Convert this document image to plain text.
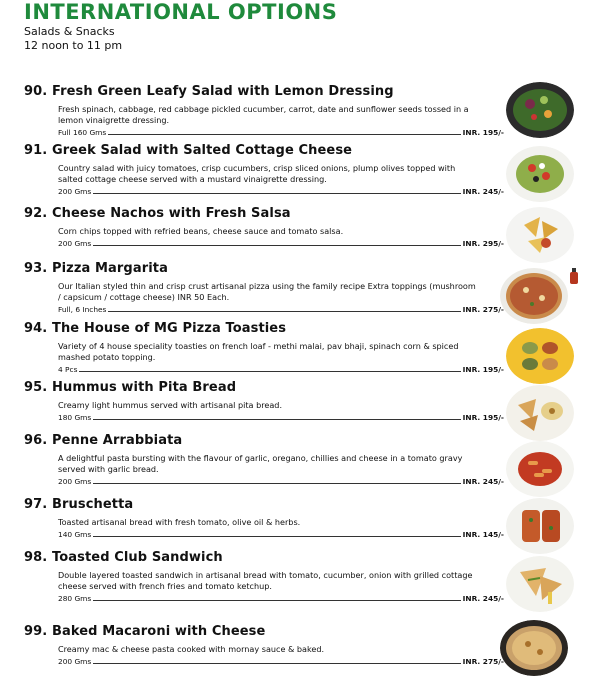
INTERNATIONAL OPTIONS
Salads & Snacks
12 noon to 11 pm
90. Fresh Green Leafy Salad with Lemon Dressing
Fresh spinach, cabbage, red cabbage pickled cucumber, carrot, date and sunflower seeds tossed in a lemon vinaigrette dressing.
Full 160 Gms	INR. 195/-
91. Greek Salad with Salted Cottage Cheese
Country salad with juicy tomatoes, crisp cucumbers, crisp sliced onions, plump olives topped with salted cottage cheese served with a mustard vinaigrette dressing.
200 Gms	INR. 245/-
92. Cheese Nachos with Fresh Salsa
Corn chips topped with refried beans, cheese sauce and tomato salsa.
200 Gms	INR. 295/-
93. Pizza Margarita
Our Italian styled thin and crisp crust artisanal pizza using the family recipe Extra toppings (mushroom / capsicum / cottage cheese) INR 50 Each.
Full, 6 Inches	INR. 275/-
94. The House of MG Pizza Toasties
Variety of 4 house speciality toasties on french loaf - methi malai, pav bhaji, spinach corn & spiced mashed potato topping.
4 Pcs	INR. 195/-
95. Hummus with Pita Bread
Creamy light hummus served with artisanal pita bread.
180 Gms	INR. 195/-
96. Penne Arrabbiata
A delightful pasta bursting with the flavour of garlic, oregano, chillies and cheese in a tomato gravy served with garlic bread.
200 Gms	INR. 245/-
97. Bruschetta
Toasted artisanal bread with fresh tomato, olive oil & herbs.
140 Gms	INR. 145/-
98. Toasted Club Sandwich
Double layered toasted sandwich in artisanal bread with tomato, cucumber, onion with grilled cottage cheese served with french fries and tomato ketchup.
280 Gms	INR. 245/-
99. Baked Macaroni with Cheese
Creamy mac & cheese pasta cooked with mornay sauce & baked.
200 Gms	INR. 275/-
